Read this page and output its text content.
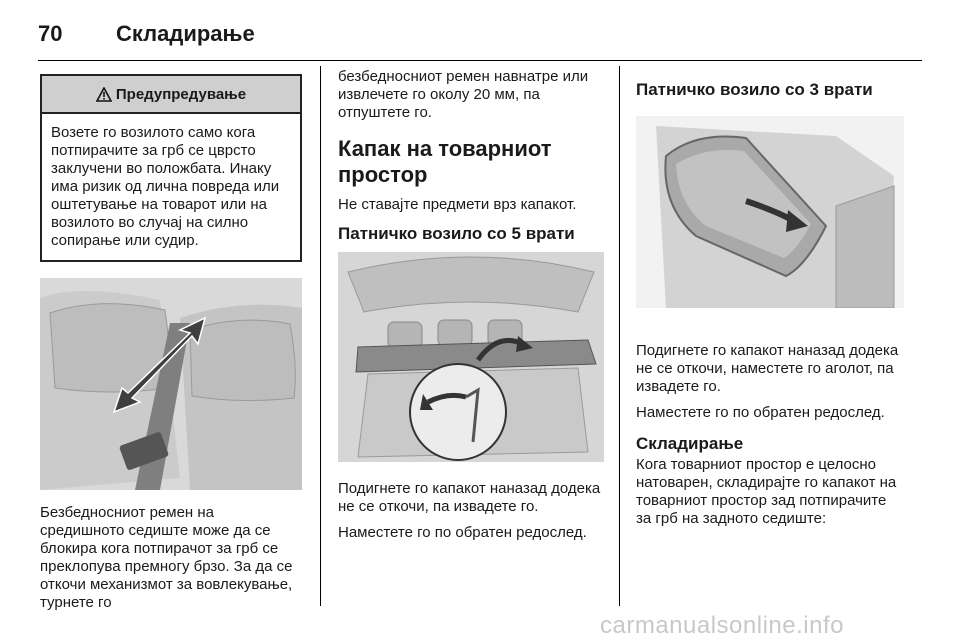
70	Складирање
Предупредување

Возете го возилото само кога потпирачите за грб се цврсто заклучени во положбата. Инаку има ризик од лична повреда или оштетување на товарот или на возилото во случај на силно сопирање или судир.

Безбедносниот ремен на средишното седиште може да се блокира кога потпирачот за грб се преклопува премногу брзо. За да се откочи механизмот за вовлекување, турнете го

безбедносниот ремен навнатре или извлечете го околу 20 мм, па отпуштете го.

Капак на товарниот простор

Не ставајте предмети врз капакот.

Патничко возило со 5 врати

Подигнете го капакот наназад додека не се откочи, па извадете го.

Наместете го по обратен редослед.

Патничко возило со 3 врати

Подигнете го капакот наназад додека не се откочи, наместете го аголот, па извадете го.

Наместете го по обратен редослед.

Складирање

Кога товарниот простор е целосно натоварен, складирајте го капакот на товарниот простор зад потпирачите за грб на задното седиште:

carmanualsonline.info
